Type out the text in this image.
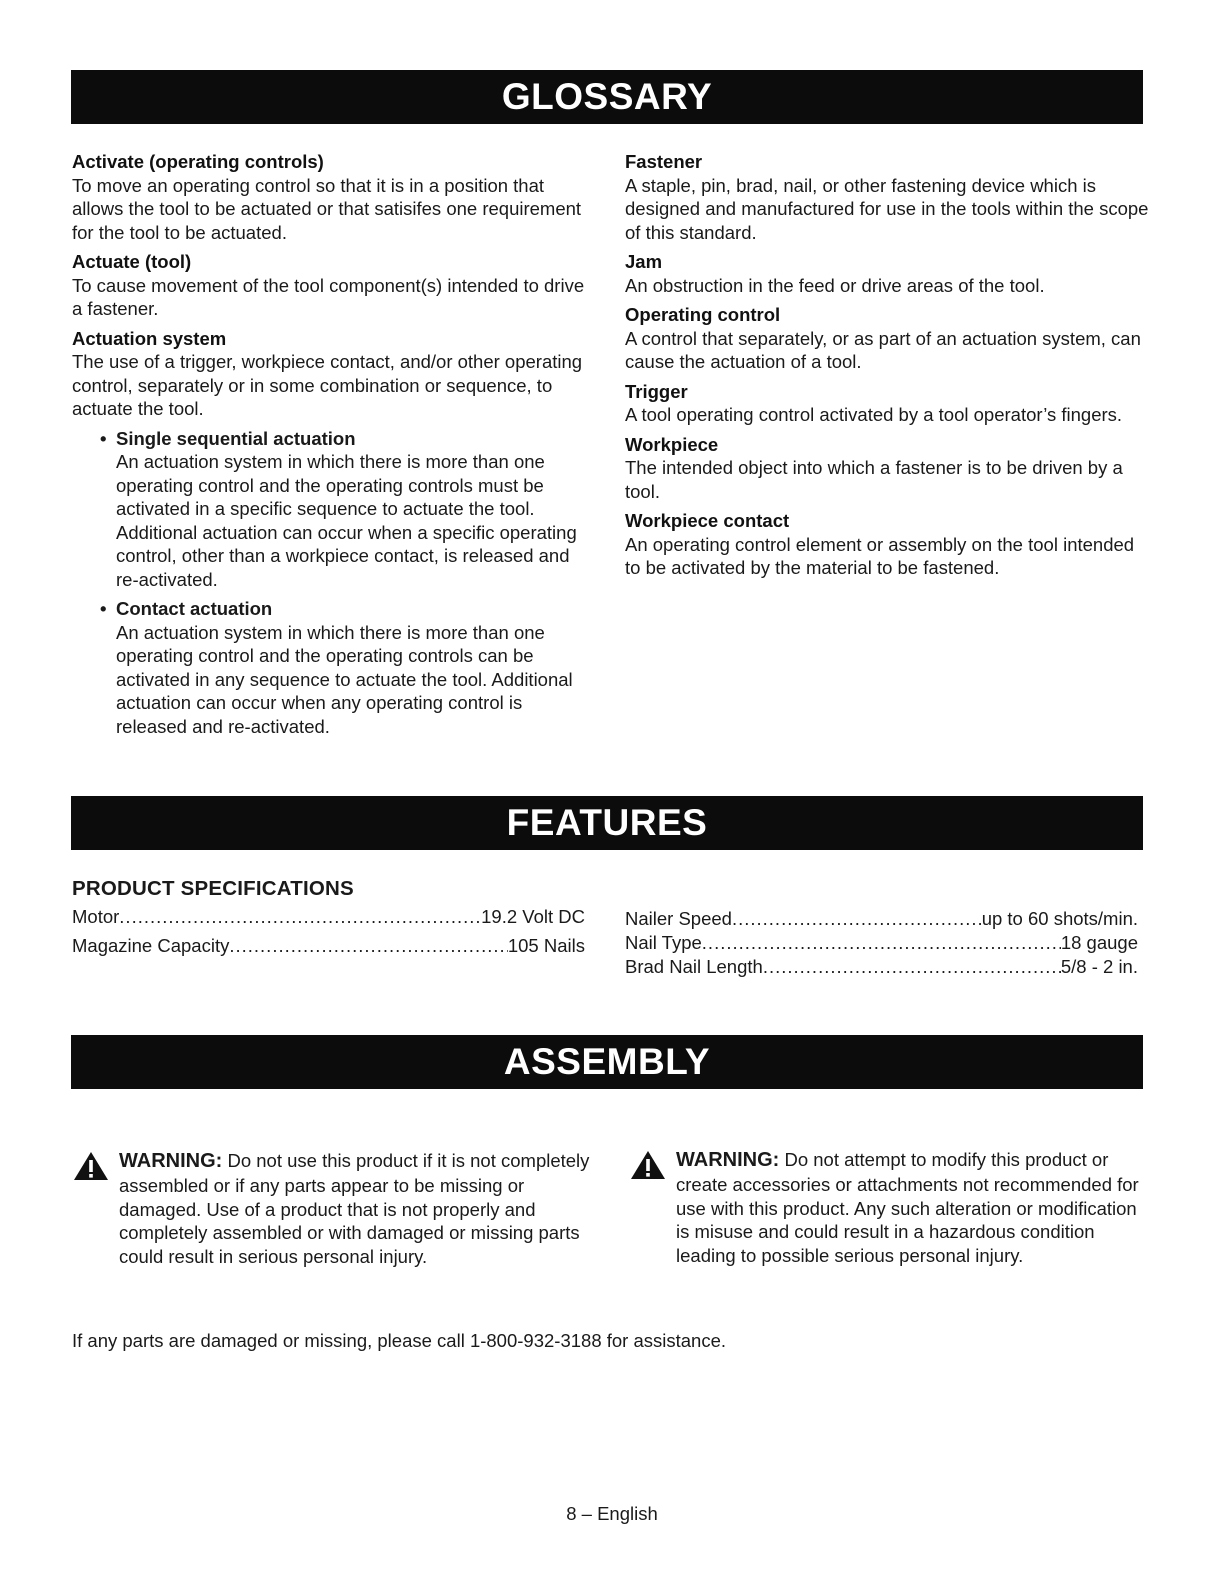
GLOSSARY
Activate (operating controls)
To move an operating control so that it is in a position that allows the tool to be actuated or that satisifes one requirement for the tool to be actuated.
Actuate (tool)
To cause movement of the tool component(s) intended to drive a fastener.
Actuation system
The use of a trigger, workpiece contact, and/or other operating control, separately or in some combination or sequence, to actuate the tool.
• Single sequential actuation
An actuation system in which there is more than one operating control and the operating controls must be activated in a specific sequence to actuate the tool. Additional actuation can occur when a specific operating control, other than a workpiece contact, is released and re-activated.
• Contact actuation
An actuation system in which there is more than one operating control and the operating controls can be activated in any sequence to actuate the tool. Additional actuation can occur when any operating control is released and re-activated.
Fastener
A staple, pin, brad, nail, or other fastening device which is designed and manufactured for use in the tools within the scope of this standard.
Jam
An obstruction in the feed or drive areas of the tool.
Operating control
A control that separately, or as part of an actuation system, can cause the actuation of a tool.
Trigger
A tool operating control activated by a tool operator’s fingers.
Workpiece
The intended object into which a fastener is to be driven by a tool.
Workpiece contact
An operating control element or assembly on the tool intended to be activated by the material to be fastened.
FEATURES
PRODUCT SPECIFICATIONS
Motor .....	19.2 Volt DC
Magazine Capacity .....	105 Nails
Nailer Speed .....	up to 60 shots/min.
Nail Type .....	18 gauge
Brad Nail Length .....	5/8 - 2 in.
ASSEMBLY
WARNING: Do not use this product if it is not completely assembled or if any parts appear to be missing or damaged. Use of a product that is not properly and completely assembled or with damaged or missing parts could result in serious personal injury.
WARNING: Do not attempt to modify this product or create accessories or attachments not recommended for use with this product. Any such alteration or modification is misuse and could result in a hazardous condition leading to possible serious personal injury.
If any parts are damaged or missing, please call 1-800-932-3188 for assistance.
8 – English
